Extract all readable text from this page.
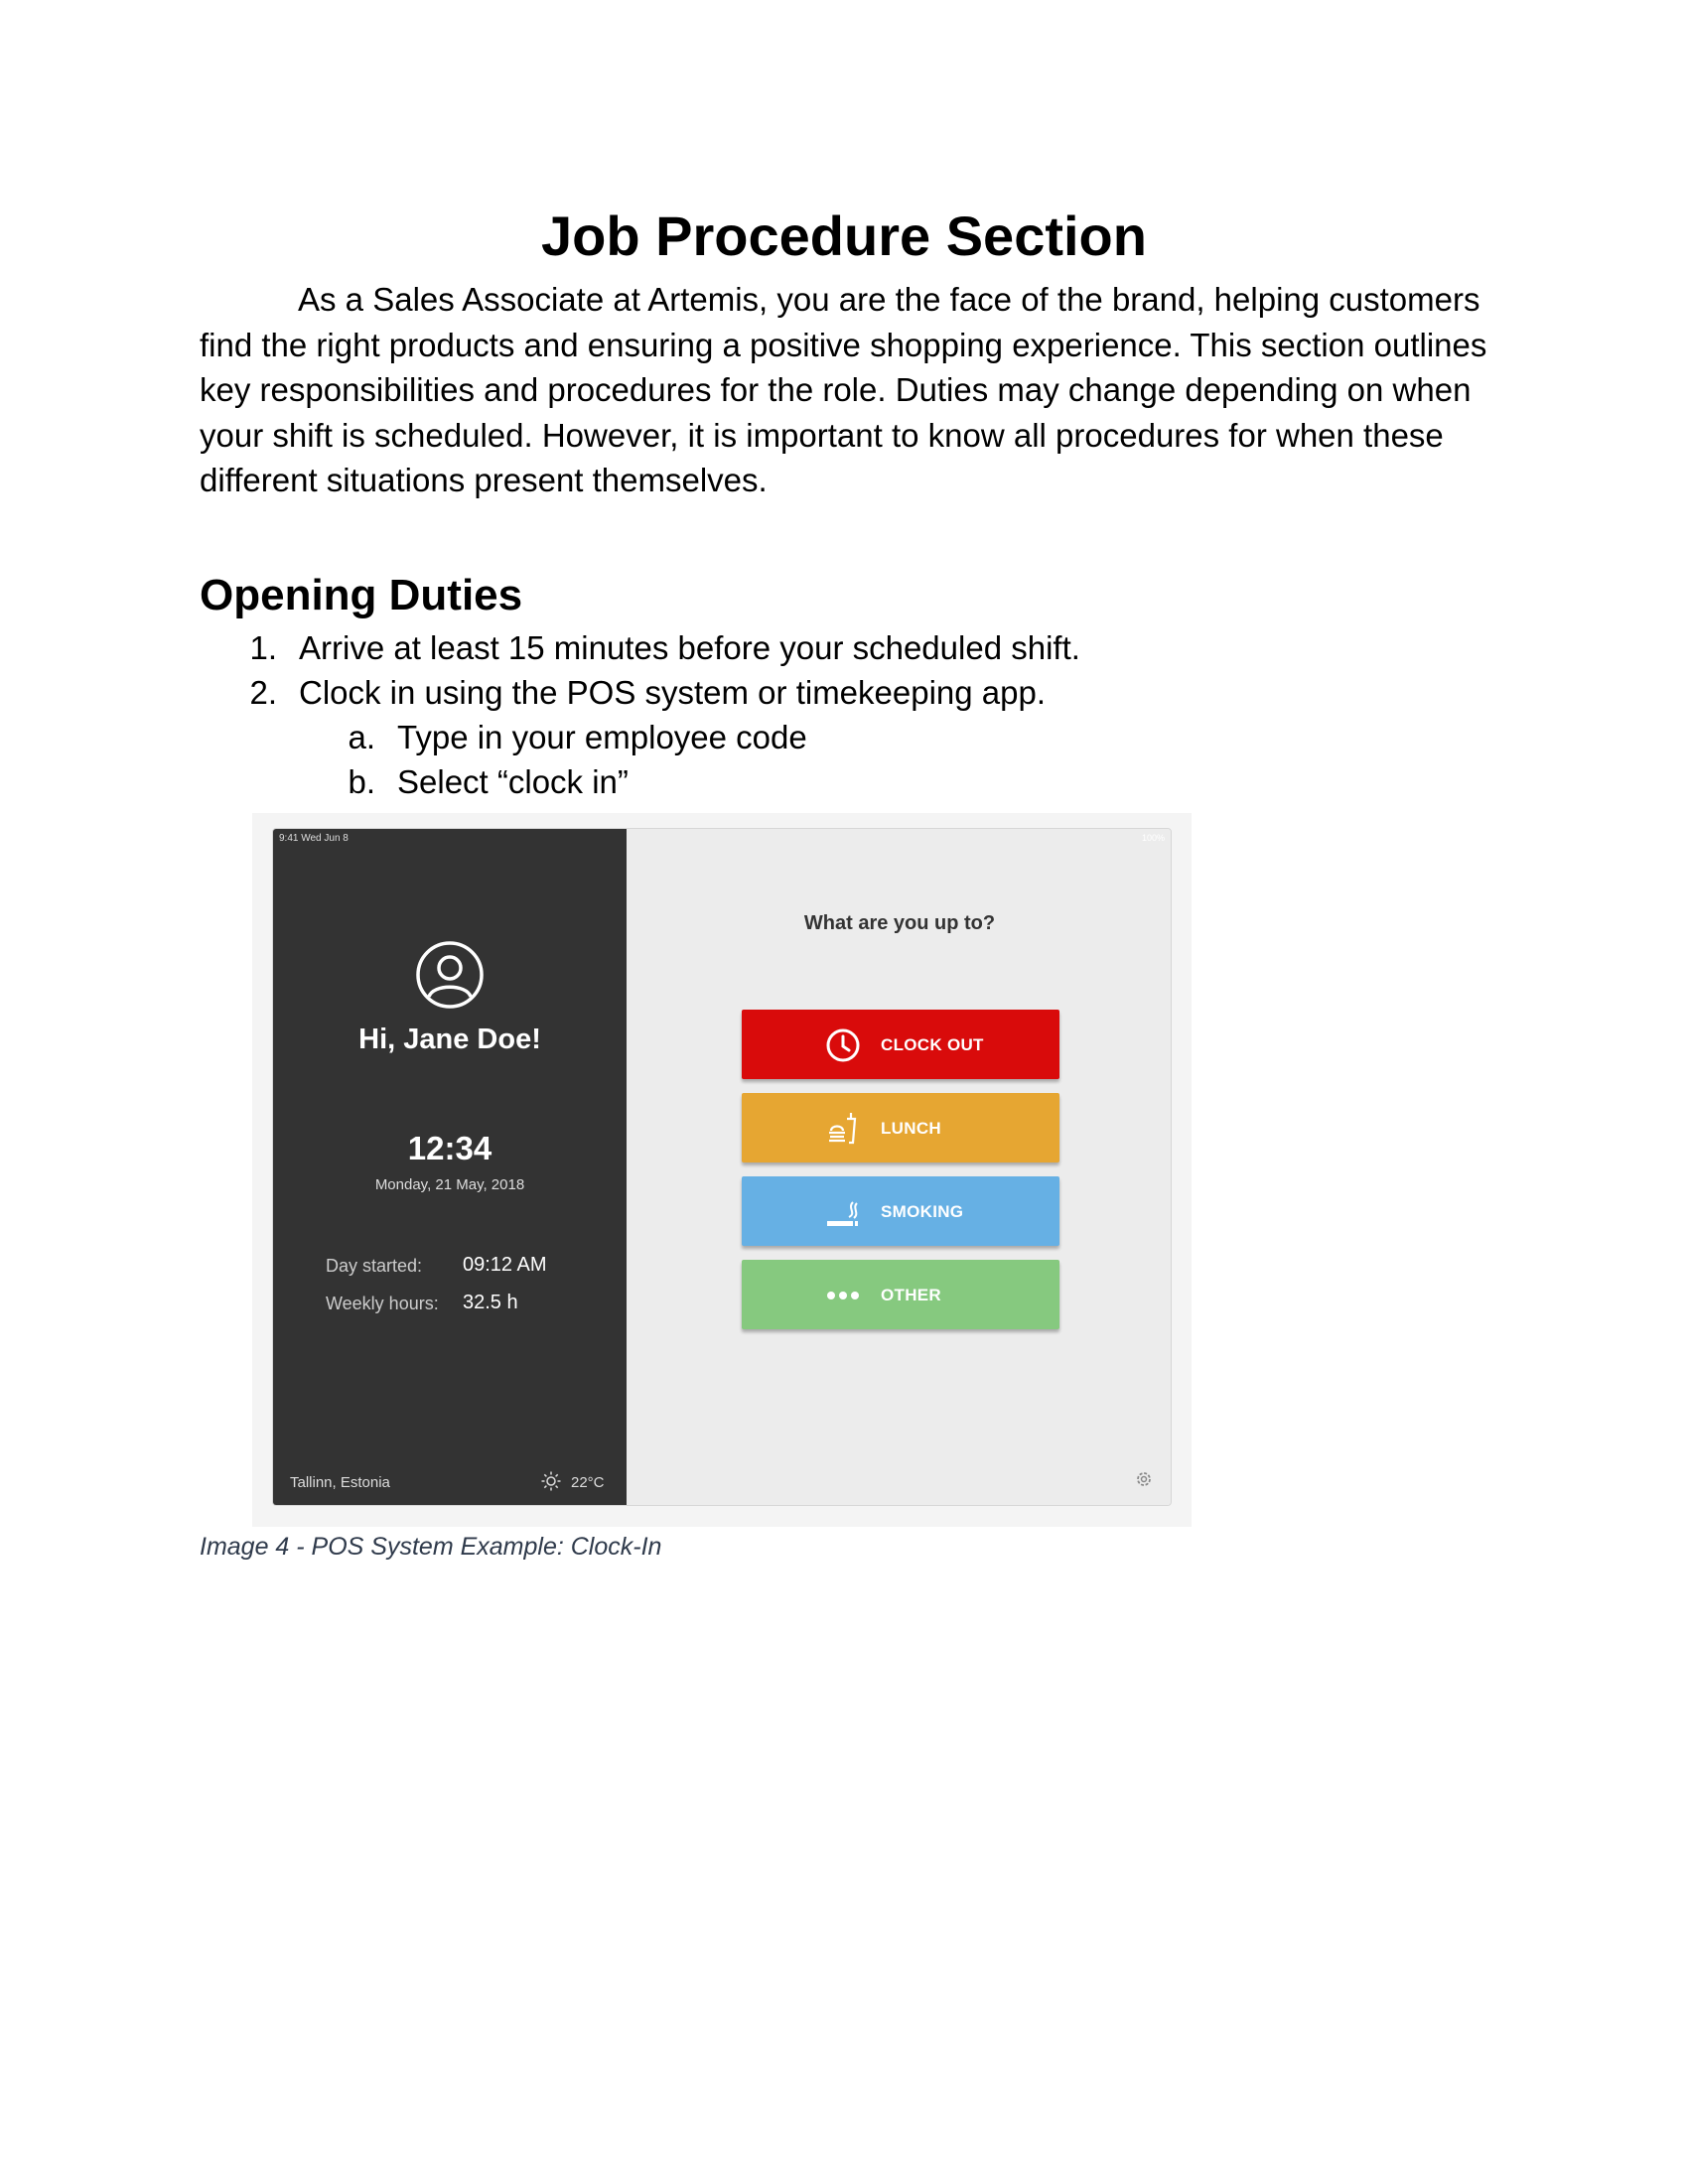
Job Procedure Section

As a Sales Associate at Artemis, you are the face of the brand, helping customers find the right products and ensuring a positive shopping experience. This section outlines key responsibilities and procedures for the role. Duties may change depending on when your shift is scheduled. However, it is important to know all procedures for when these different situations present themselves.

Opening Duties
1. Arrive at least 15 minutes before your scheduled shift.
2. Clock in using the POS system or timekeeping app.
a. Type in your employee code
b. Select “clock in”
9:41 Wed Jun 8
Hi, Jane Doe!
12:34
Monday, 21 May, 2018
Day started: 09:12 AM
Weekly hours: 32.5 h
Tallinn, Estonia	22°C
100%
What are you up to?
CLOCK OUT
LUNCH
SMOKING
OTHER
Image 4 - POS System Example: Clock-In
